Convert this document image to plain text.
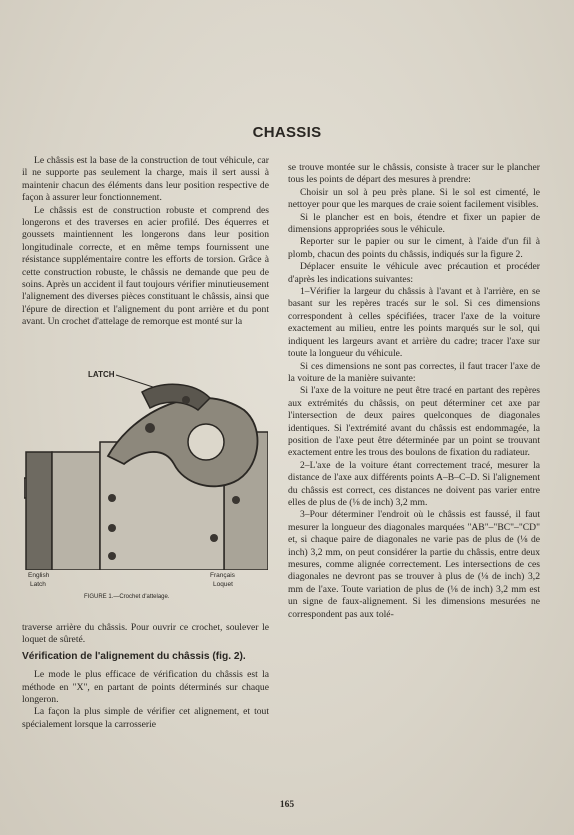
CHASSIS

Le châssis est la base de la construction de tout véhicule, car il ne supporte pas seulement la charge, mais il sert aussi à maintenir chacun des éléments dans leur position respective de façon à assurer leur fonctionnement.

Le châssis est de construction robuste et comprend des longerons et des traverses en acier profilé. Des équerres et goussets maintiennent les longerons dans leur position longitudinale correcte, et en même temps fournissent une résistance supplémentaire contre les efforts de torsion. Grâce à cette construction robuste, le châssis ne demande que peu de soins. Après un accident il faut toujours vérifier minutieusement l'alignement des diverses pièces constituant le châssis, ainsi que l'épure de direction et l'alignement du pont arrière et du pont avant. Un crochet d'attelage de remorque est monté sur la

LATCH
English
Latch
Français
Loquet
FIGURE 1.—Crochet d'attelage.

traverse arrière du châssis. Pour ouvrir ce crochet, soulever le loquet de sûreté.

Vérification de l'alignement du châssis (fig. 2).

Le mode le plus efficace de vérification du châssis est la méthode en "X", en partant de points déterminés sur chaque longeron.

La façon la plus simple de vérifier cet alignement, et tout spécialement lorsque la carrosserie

se trouve montée sur le châssis, consiste à tracer sur le plancher tous les points de départ des mesures à prendre:

Choisir un sol à peu près plane. Si le sol est cimenté, le nettoyer pour que les marques de craie soient facilement visibles.

Si le plancher est en bois, étendre et fixer un papier de dimensions appropriées sous le véhicule.

Reporter sur le papier ou sur le ciment, à l'aide d'un fil à plomb, chacun des points du châssis, indiqués sur la figure 2.

Déplacer ensuite le véhicule avec précaution et procéder d'après les indications suivantes:

1–Vérifier la largeur du châssis à l'avant et à l'arrière, en se basant sur les repères tracés sur le sol. Si ces dimensions correspondent à celles spécifiées, tracer l'axe de la voiture exactement au milieu, entre les points marqués sur le sol, qui indiquent les largeurs avant et arrière du cadre; tracer l'axe sur toute la longueur du véhicule.

Si ces dimensions ne sont pas correctes, il faut tracer l'axe de la voiture de la manière suivante:

Si l'axe de la voiture ne peut être tracé en partant des repères aux extrémités du châssis, on peut déterminer cet axe par l'intersection de deux paires quelconques de diagonales identiques. Si l'extrémité avant du châssis est endommagée, la position de l'axe peut être déterminée par un point se trouvant exactement entre les trous des boulons de fixation du radiateur.

2–L'axe de la voiture étant correctement tracé, mesurer la distance de l'axe aux différents points A–B–C–D. Si l'alignement du châssis est correct, ces distances ne doivent pas varier entre elles de plus de (⅛ de inch) 3,2 mm.

3–Pour déterminer l'endroit où le châssis est faussé, il faut mesurer la longueur des diagonales marquées "AB"–"BC"–"CD" et, si chaque paire de diagonales ne varie pas de plus de (⅛ de inch) 3,2 mm, on peut considérer la partie du châssis, entre deux mesures, comme alignée correctement. Les intersections de ces diagonales ne devront pas se trouver à plus de (⅛ de inch) 3,2 mm de l'axe. Toute variation de plus de (⅛ de inch) 3,2 mm est un signe de faux-alignement. Si les dimensions mesurées ne correspondent pas aux tolé-

165
